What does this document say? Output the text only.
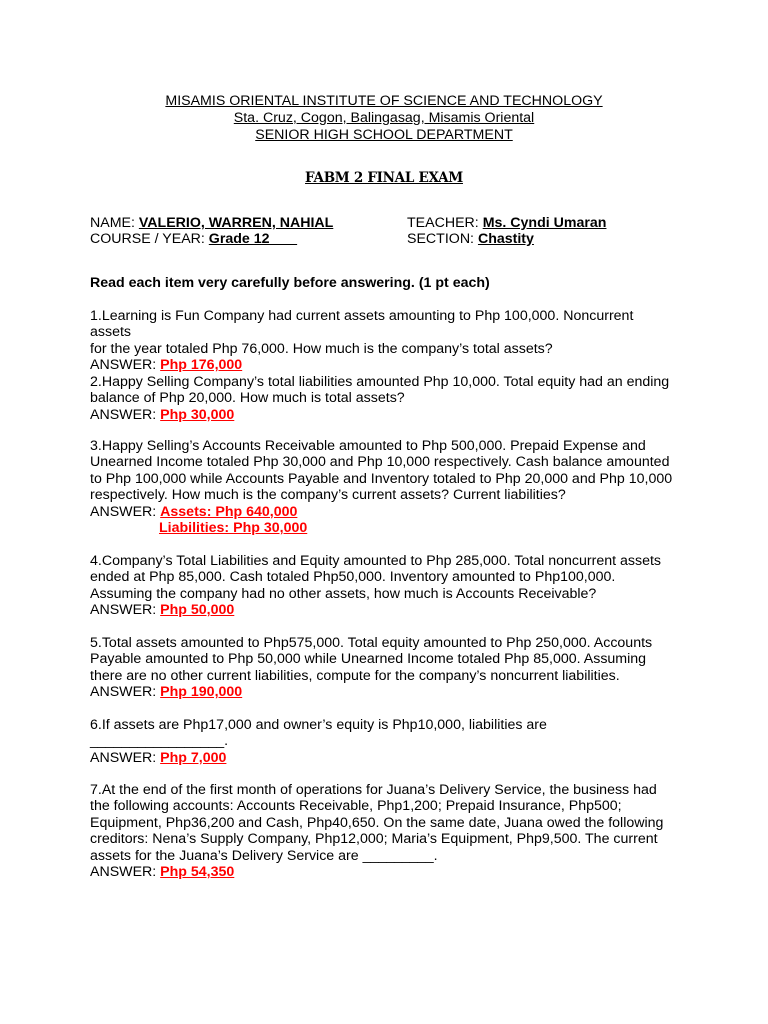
MISAMIS ORIENTAL INSTITUTE OF SCIENCE AND TECHNOLOGY
Sta. Cruz, Cogon, Balingasag, Misamis Oriental
SENIOR HIGH SCHOOL DEPARTMENT
FABM 2 FINAL EXAM
NAME: VALERIO, WARREN, NAHIAL	TEACHER: Ms. Cyndi Umaran
COURSE / YEAR: Grade 12	SECTION: Chastity
Read each item very carefully before answering. (1 pt each)
1.Learning is Fun Company had current assets amounting to Php 100,000. Noncurrent assets
for the year totaled Php 76,000. How much is the company’s total assets?
ANSWER: Php 176,000
2.Happy Selling Company’s total liabilities amounted Php 10,000. Total equity had an ending
balance of Php 20,000. How much is total assets?
ANSWER: Php 30,000
3.Happy Selling’s Accounts Receivable amounted to Php 500,000. Prepaid Expense and
Unearned Income totaled Php 30,000 and Php 10,000 respectively. Cash balance amounted
to Php 100,000 while Accounts Payable and Inventory totaled to Php 20,000 and Php 10,000
respectively. How much is the company’s current assets? Current liabilities?
ANSWER: Assets: Php 640,000
Liabilities: Php 30,000
4.Company’s Total Liabilities and Equity amounted to Php 285,000. Total noncurrent assets
ended at Php 85,000. Cash totaled Php50,000. Inventory amounted to Php100,000.
Assuming the company had no other assets, how much is Accounts Receivable?
ANSWER: Php 50,000
5.Total assets amounted to Php575,000. Total equity amounted to Php 250,000. Accounts
Payable amounted to Php 50,000 while Unearned Income totaled Php 85,000. Assuming
there are no other current liabilities, compute for the company’s noncurrent liabilities.
ANSWER: Php 190,000
6.If assets are Php17,000 and owner’s equity is Php10,000, liabilities are
_________________.
ANSWER: Php 7,000
7.At the end of the first month of operations for Juana’s Delivery Service, the business had
the following accounts: Accounts Receivable, Php1,200; Prepaid Insurance, Php500;
Equipment, Php36,200 and Cash, Php40,650. On the same date, Juana owed the following
creditors: Nena’s Supply Company, Php12,000; Maria’s Equipment, Php9,500. The current
assets for the Juana’s Delivery Service are _________.
ANSWER: Php 54,350
